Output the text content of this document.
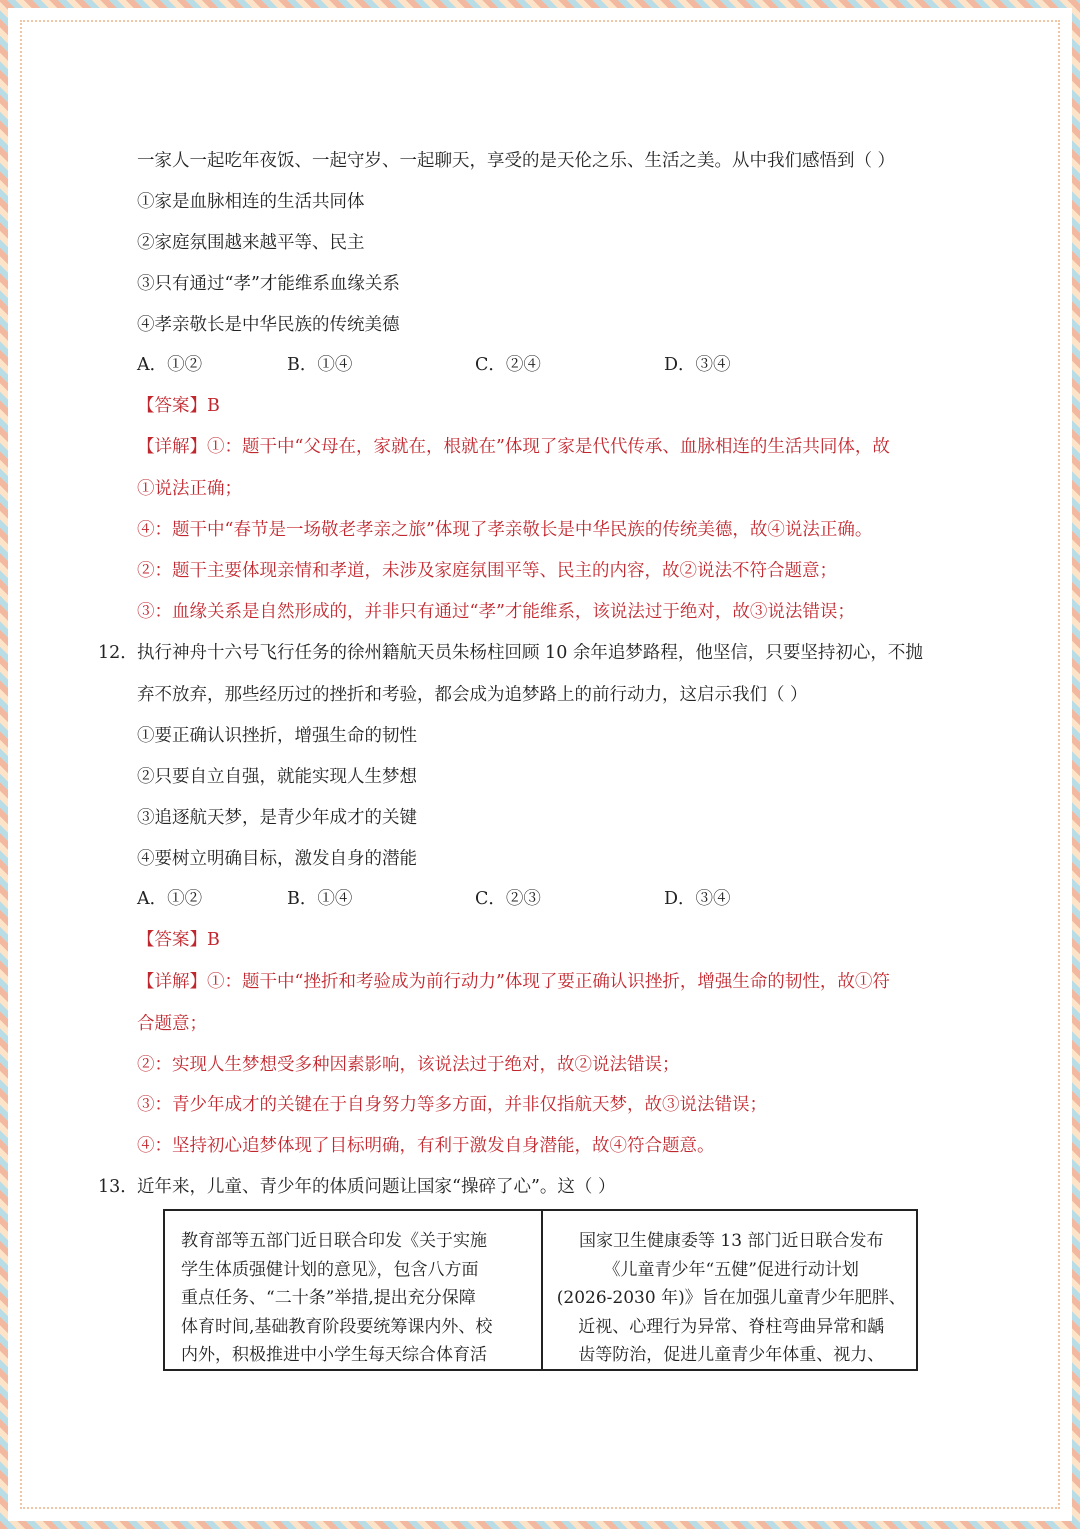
一家人一起吃年夜饭、一起守岁、一起聊天，享受的是天伦之乐、生活之美。从中我们感悟到（ ）
①家是血脉相连的生活共同体
②家庭氛围越来越平等、民主
③只有通过“孝”才能维系血缘关系
④孝亲敬长是中华民族的传统美德
A．①②	B．①④	C．②④	D．③④
【答案】B
【详解】①：题干中“父母在，家就在，根就在”体现了家是代代传承、血脉相连的生活共同体，故
①说法正确；
④：题干中“春节是一场敬老孝亲之旅”体现了孝亲敬长是中华民族的传统美德，故④说法正确。
②：题干主要体现亲情和孝道，未涉及家庭氛围平等、民主的内容，故②说法不符合题意；
③：血缘关系是自然形成的，并非只有通过“孝”才能维系，该说法过于绝对，故③说法错误；
12． 执行神舟十六号飞行任务的徐州籍航天员朱杨柱回顾 10 余年追梦路程，他坚信，只要坚持初心，不抛
弃不放弃，那些经历过的挫折和考验，都会成为追梦路上的前行动力，这启示我们（ ）
①要正确认识挫折，增强生命的韧性
②只要自立自强，就能实现人生梦想
③追逐航天梦，是青少年成才的关键
④要树立明确目标，激发自身的潜能
A．①②	B．①④	C．②③	D．③④
【答案】B
【详解】①：题干中“挫折和考验成为前行动力”体现了要正确认识挫折，增强生命的韧性，故①符
合题意；
②：实现人生梦想受多种因素影响，该说法过于绝对，故②说法错误；
③：青少年成才的关键在于自身努力等多方面，并非仅指航天梦，故③说法错误；
④：坚持初心追梦体现了目标明确，有利于激发自身潜能，故④符合题意。
13． 近年来，儿童、青少年的体质问题让国家“操碎了心”。这（ ）
教育部等五部门近日联合印发《关于实施
学生体质强健计划的意见》，包含八方面
重点任务、“二十条”举措,提出充分保障
体育时间,基础教育阶段要统筹课内外、校
内外，积极推进中小学生每天综合体育活
国家卫生健康委等 13 部门近日联合发布
《儿童青少年“五健”促进行动计划
(2026-2030 年)》旨在加强儿童青少年肥胖、
近视、心理行为异常、脊柱弯曲异常和龋
齿等防治，促进儿童青少年体重、视力、
